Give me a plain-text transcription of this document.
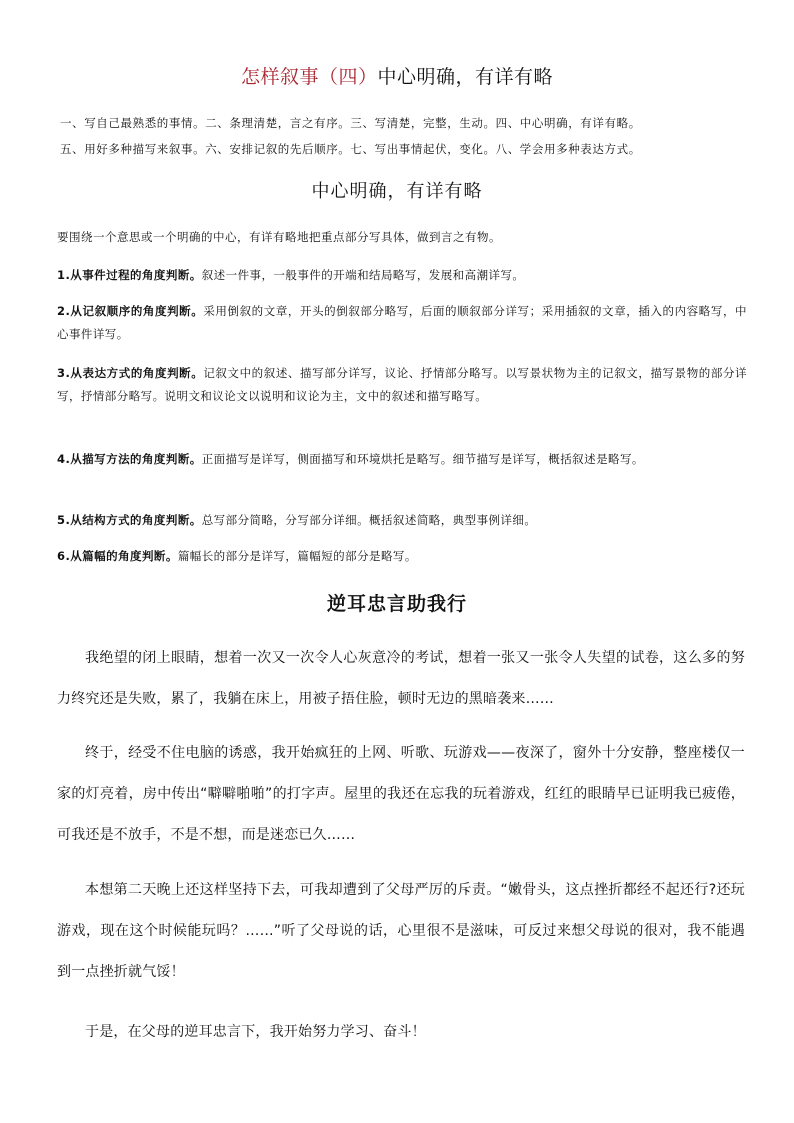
怎样叙事（四）中心明确，有详有略

一、写自己最熟悉的事情。二、条理清楚，言之有序。三、写清楚，完整，生动。四、中心明确，有详有略。

五、用好多种描写来叙事。六、安排记叙的先后顺序。七、写出事情起伏，变化。八、学会用多种表达方式。

中心明确，有详有略

要围绕一个意思或一个明确的中心，有详有略地把重点部分写具体，做到言之有物。

1.从事件过程的角度判断。叙述一件事，一般事件的开端和结局略写，发展和高潮详写。

2.从记叙顺序的角度判断。采用倒叙的文章，开头的倒叙部分略写，后面的顺叙部分详写；采用插叙的文章，插入的内容略写，中心事件详写。

3.从表达方式的角度判断。记叙文中的叙述、描写部分详写，议论、抒情部分略写。以写景状物为主的记叙文，描写景物的部分详写，抒情部分略写。说明文和议论文以说明和议论为主，文中的叙述和描写略写。

4.从描写方法的角度判断。正面描写是详写，侧面描写和环境烘托是略写。细节描写是详写，概括叙述是略写。

5.从结构方式的角度判断。总写部分简略，分写部分详细。概括叙述简略，典型事例详细。

6.从篇幅的角度判断。篇幅长的部分是详写，篇幅短的部分是略写。

逆耳忠言助我行

我绝望的闭上眼睛，想着一次又一次令人心灰意冷的考试，想着一张又一张令人失望的试卷，这么多的努力终究还是失败，累了，我躺在床上，用被子捂住脸，顿时无边的黑暗袭来……

终于，经受不住电脑的诱惑，我开始疯狂的上网、听歌、玩游戏——夜深了，窗外十分安静，整座楼仅一家的灯亮着，房中传出“噼噼啪啪”的打字声。屋里的我还在忘我的玩着游戏，红红的眼睛早已证明我已疲倦，可我还是不放手，不是不想，而是迷恋已久……

本想第二天晚上还这样坚持下去，可我却遭到了父母严厉的斥责。“嫩骨头，这点挫折都经不起还行?还玩游戏，现在这个时候能玩吗？……”听了父母说的话，心里很不是滋味，可反过来想父母说的很对，我不能遇到一点挫折就气馁！

于是，在父母的逆耳忠言下，我开始努力学习、奋斗！
